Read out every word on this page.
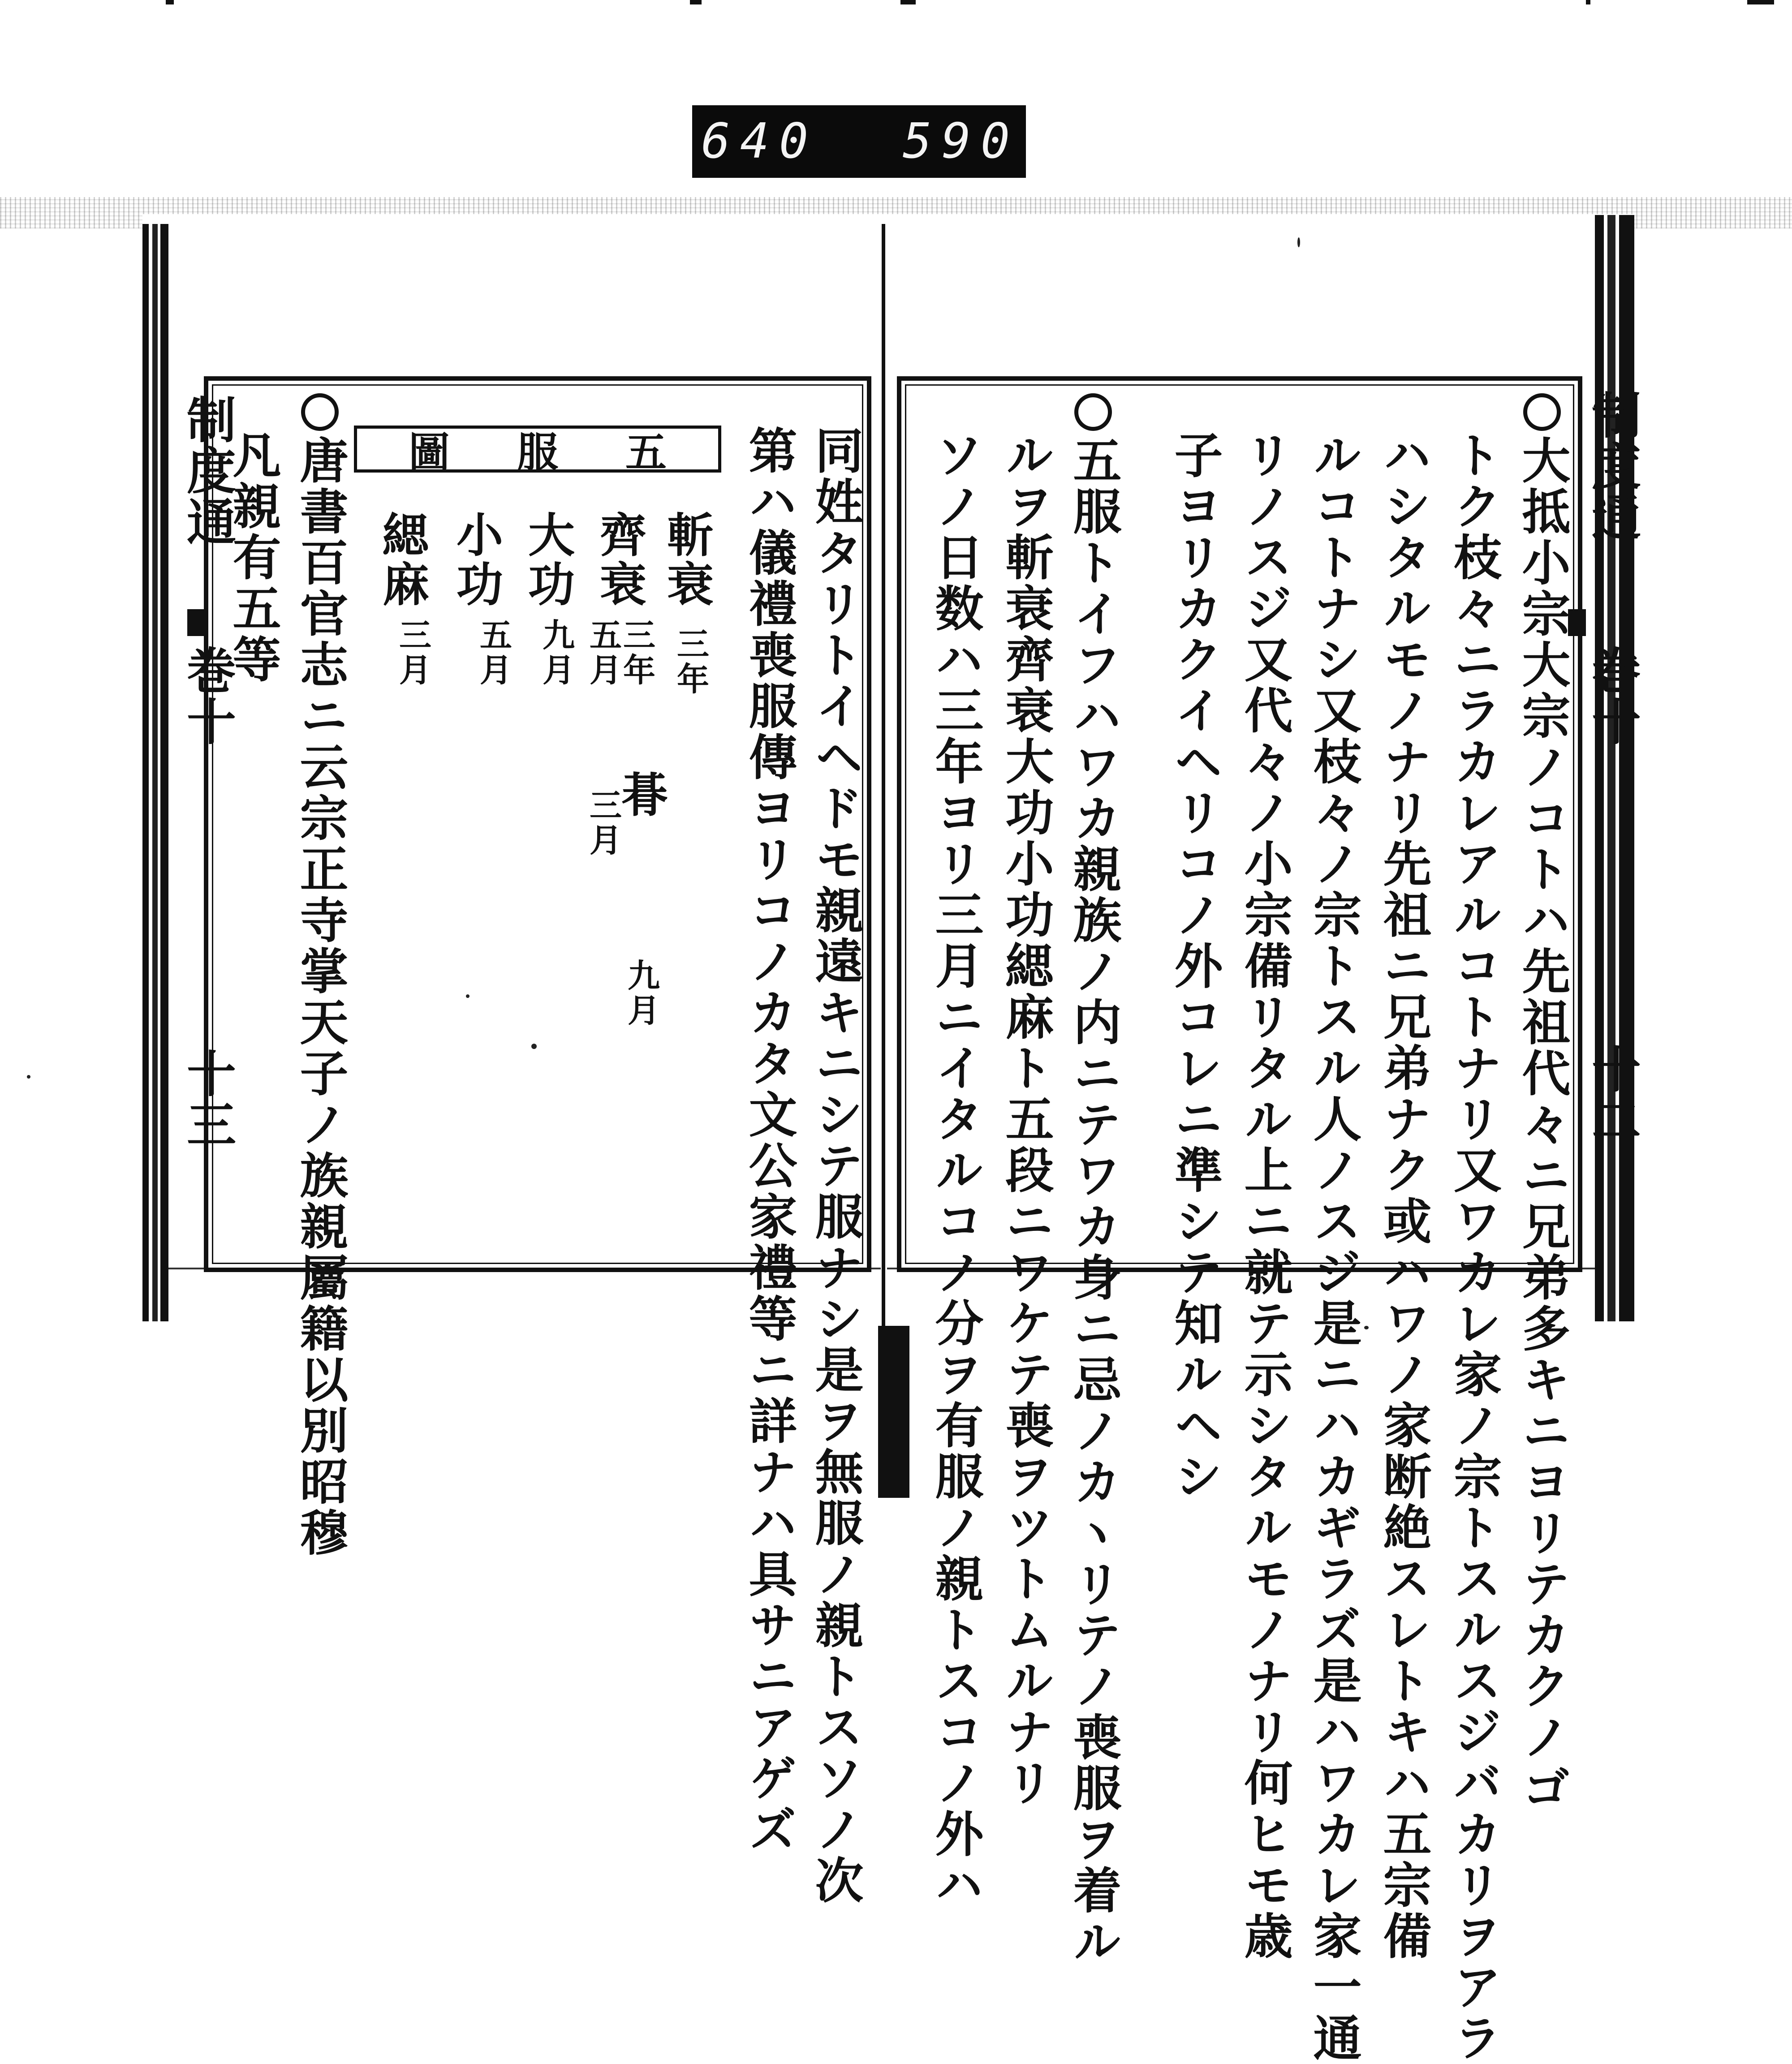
640 590
制度通
巻十
十三
制度通
巻十
十二
大抵小宗大宗ノコトハ先祖代々ニ兄弟多キニヨリテカクノゴ
トク枝々ニラカレアルコトナリ又ワカレ家ノ宗トスルスジバカリヲアラ
ハシタルモノナリ先祖ニ兄弟ナク或ハワノ家断絶スレトキハ五宗備
ルコトナシ又枝々ノ宗トスル人ノスジ是ニハカギラズ是ハワカレ家一通
リノスジ又代々ノ小宗備リタル上ニ就テ示シタルモノナリ何ヒモ歳
子ヨリカクイヘリコノ外コレニ準シテ知ルヘシ
五服トイフハワカ親族ノ内ニテワカ身ニ忌ノカヽリテノ喪服ヲ着ル
ルヲ斬衰齊衰大功小功緦麻ト五段ニワケテ喪ヲツトムルナリ
ソノ日数ハ三年ヨリ三月ニイタルコノ分ヲ有服ノ親トスコノ外ハ
同姓タリトイヘドモ親遠キニシテ服ナシ是ヲ無服ノ親トスソノ次
第ハ儀禮喪服傳ヨリコノカタ文公家禮等ニ詳ナハ具サニアゲズ
圖 服 五
斬衰
三年
齊衰
三年
五月
大功
九月
小功
五月
緦麻
三月
朞
三月
九月
唐書百官志ニ云宗正寺掌天子ノ族親屬籍以別昭穆
凡親有五等
